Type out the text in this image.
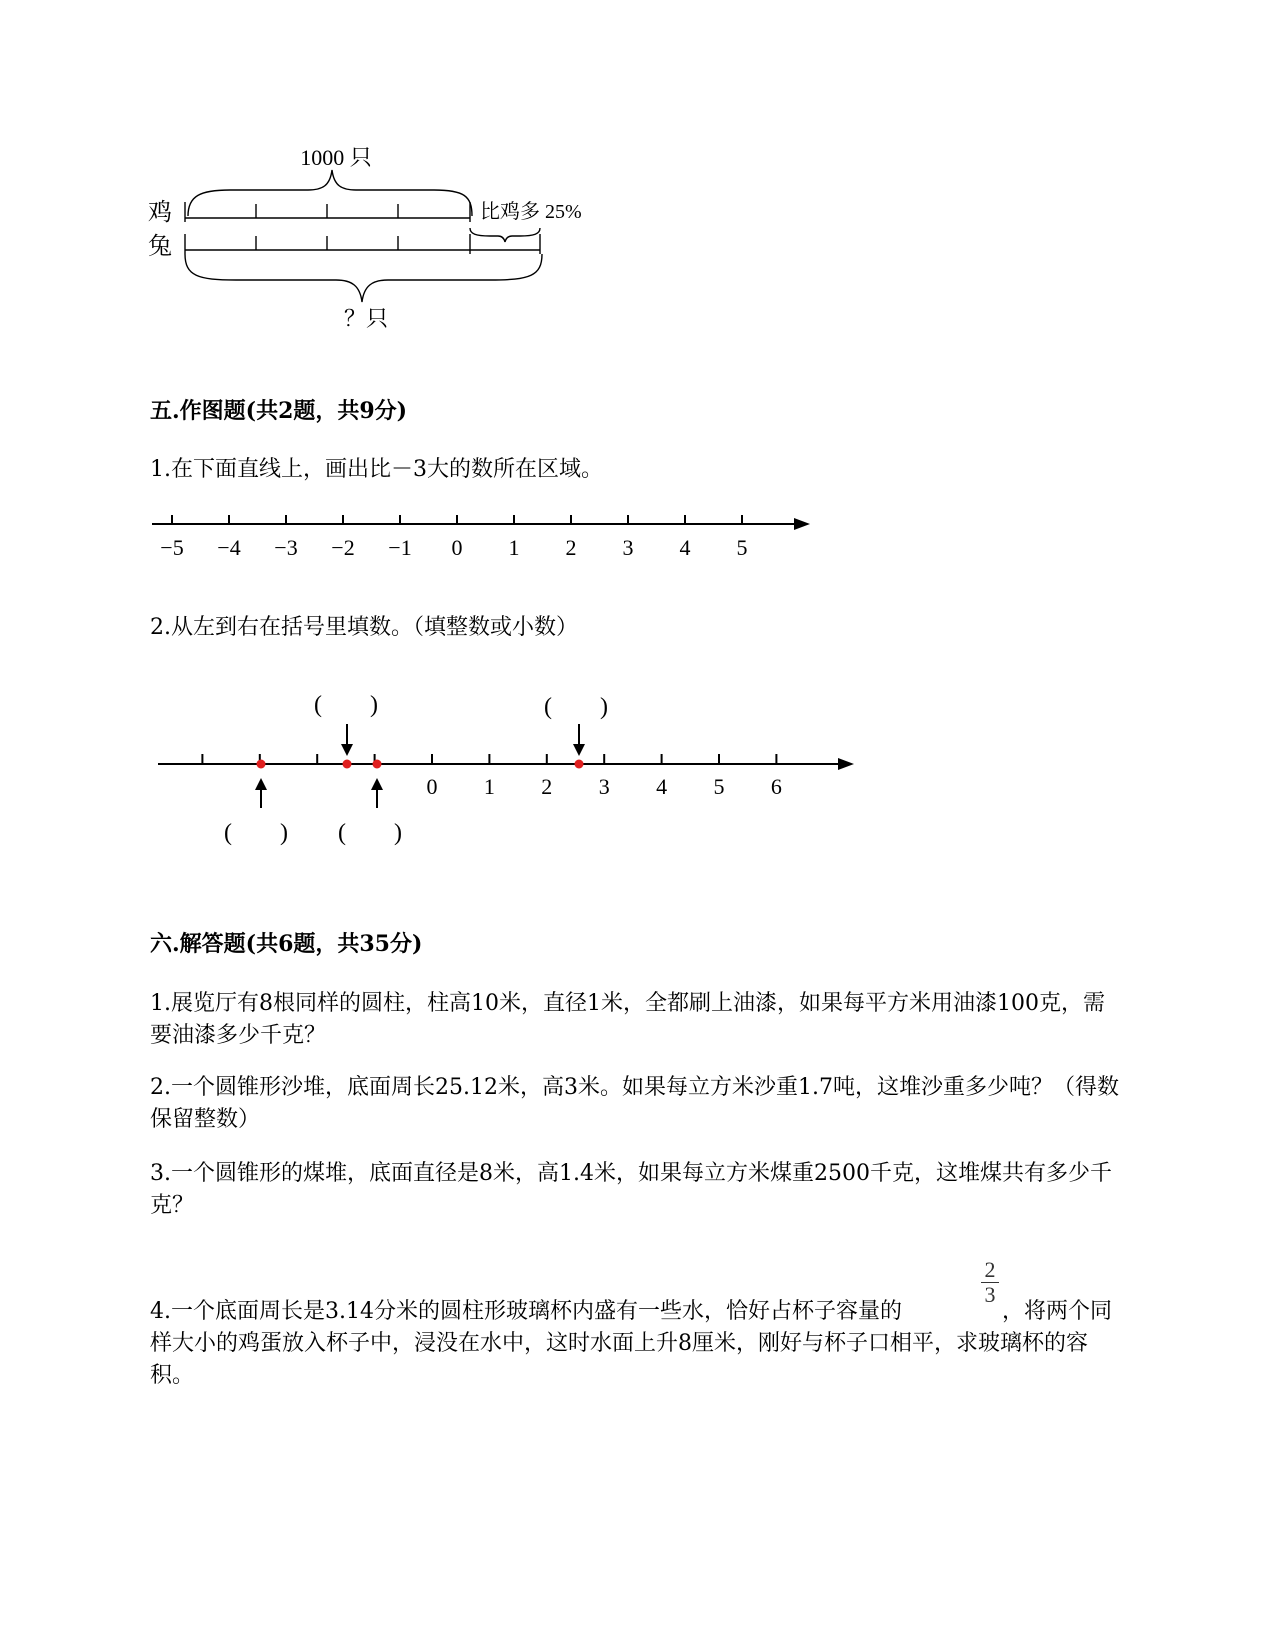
1000 只
鸡
兔
比鸡多 25%
？只
五.作图题(共2题，共9分)
1.在下面直线上，画出比－3大的数所在区域。
−5 −4 −3 −2 −1 0 1 2 3 4 5
2.从左到右在括号里填数。（填整数或小数）
(　　)	(　　)
0 1 2 3 4 5 6
(　　) (　　)
六.解答题(共6题，共35分)
1.展览厅有8根同样的圆柱，柱高10米，直径1米，全都刷上油漆，如果每平方米用油漆100克，需要油漆多少千克？
2.一个圆锥形沙堆，底面周长25.12米，高3米。如果每立方米沙重1.7吨，这堆沙重多少吨？（得数保留整数）
3.一个圆锥形的煤堆，底面直径是8米，高1.4米，如果每立方米煤重2500千克，这堆煤共有多少千克？
2
3
4.一个底面周长是3.14分米的圆柱形玻璃杯内盛有一些水，恰好占杯子容量的	，将两个同样大小的鸡蛋放入杯子中，浸没在水中，这时水面上升8厘米，刚好与杯子口相平，求玻璃杯的容积。
